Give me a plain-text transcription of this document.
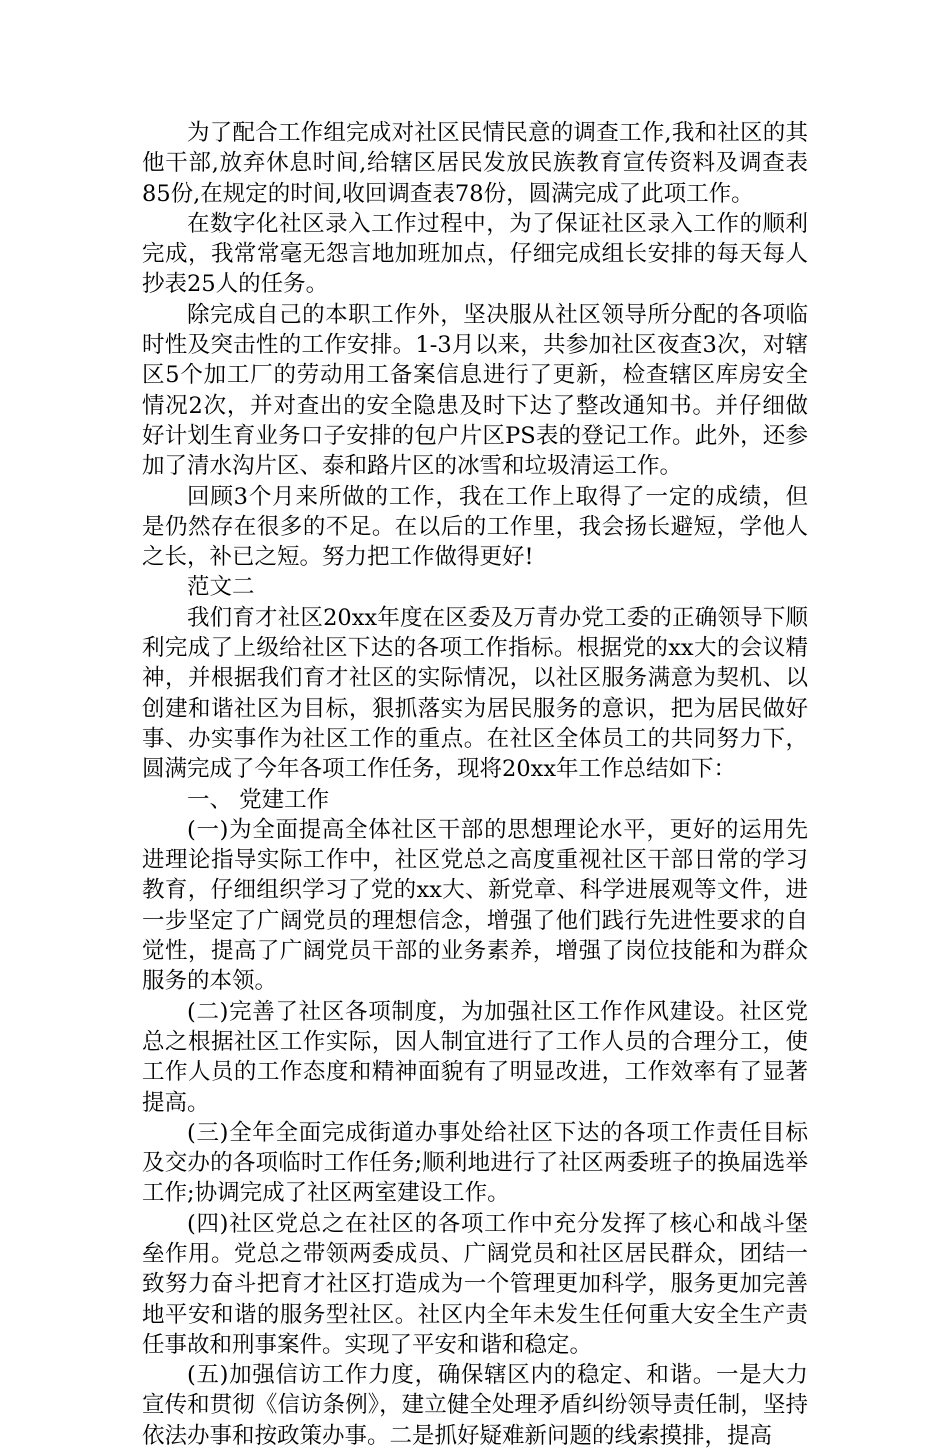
为了配合工作组完成对社区民情民意的调查工作,我和社区的其他干部,放弃休息时间,给辖区居民发放民族教育宣传资料及调查表85份,在规定的时间,收回调查表78份，圆满完成了此项工作。

在数字化社区录入工作过程中，为了保证社区录入工作的顺利完成，我常常毫无怨言地加班加点，仔细完成组长安排的每天每人抄表25人的任务。

除完成自己的本职工作外，坚决服从社区领导所分配的各项临时性及突击性的工作安排。1-3月以来，共参加社区夜查3次，对辖区5个加工厂的劳动用工备案信息进行了更新，检查辖区库房安全情况2次，并对查出的安全隐患及时下达了整改通知书。并仔细做好计划生育业务口子安排的包户片区PS表的登记工作。此外，还参加了清水沟片区、泰和路片区的冰雪和垃圾清运工作。

回顾3个月来所做的工作，我在工作上取得了一定的成绩，但是仍然存在很多的不足。在以后的工作里，我会扬长避短，学他人之长，补已之短。努力把工作做得更好!

范文二

我们育才社区20xx年度在区委及万青办党工委的正确领导下顺利完成了上级给社区下达的各项工作指标。根据党的xx大的会议精神，并根据我们育才社区的实际情况，以社区服务满意为契机、以创建和谐社区为目标，狠抓落实为居民服务的意识，把为居民做好事、办实事作为社区工作的重点。在社区全体员工的共同努力下，圆满完成了今年各项工作任务，现将20xx年工作总结如下：

一、 党建工作

(一)为全面提高全体社区干部的思想理论水平，更好的运用先进理论指导实际工作中，社区党总之高度重视社区干部日常的学习教育，仔细组织学习了党的xx大、新党章、科学进展观等文件，进一步坚定了广阔党员的理想信念，增强了他们践行先进性要求的自觉性，提高了广阔党员干部的业务素养，增强了岗位技能和为群众服务的本领。

(二)完善了社区各项制度，为加强社区工作作风建设。社区党总之根据社区工作实际，因人制宜进行了工作人员的合理分工，使工作人员的工作态度和精神面貌有了明显改进，工作效率有了显著提高。

(三)全年全面完成街道办事处给社区下达的各项工作责任目标及交办的各项临时工作任务;顺利地进行了社区两委班子的换届选举工作;协调完成了社区两室建设工作。

(四)社区党总之在社区的各项工作中充分发挥了核心和战斗堡垒作用。党总之带领两委成员、广阔党员和社区居民群众，团结一致努力奋斗把育才社区打造成为一个管理更加科学，服务更加完善地平安和谐的服务型社区。社区内全年未发生任何重大安全生产责任事故和刑事案件。实现了平安和谐和稳定。

(五)加强信访工作力度，确保辖区内的稳定、和谐。一是大力宣传和贯彻《信访条例》，建立健全处理矛盾纠纷领导责任制，坚持依法办事和按政策办事。二是抓好疑难新问题的线索摸排，提高
